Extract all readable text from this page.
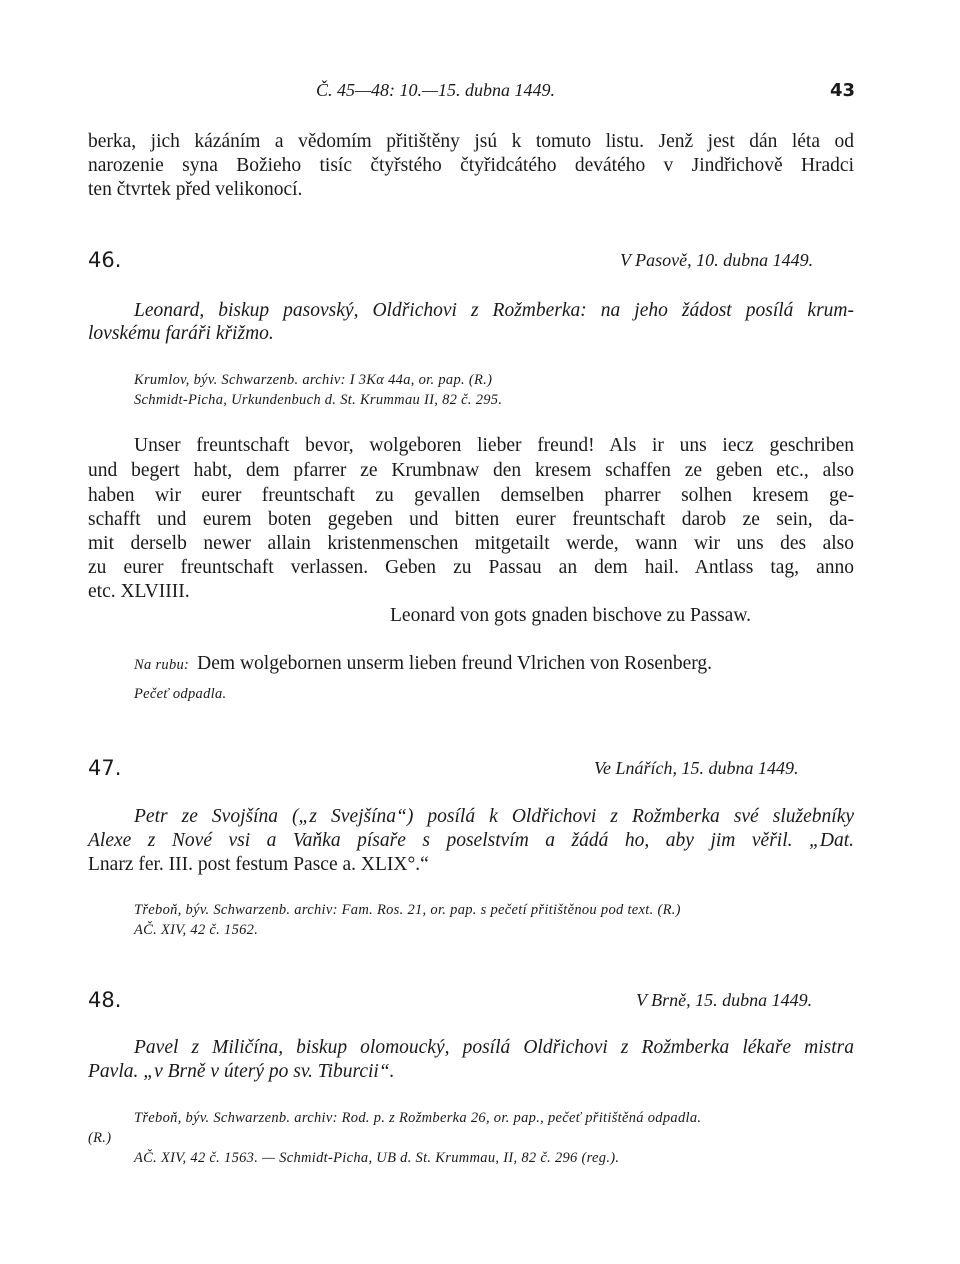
Č. 45—48: 10.—15. dubna 1449.	43

berka, jich kázáním a vědomím přitištěny jsú k tomuto listu. Jenž jest dán léta od

narozenie syna Božieho tisíc čtyřstého čtyřidcátého devátého v Jindřichově Hradci

ten čtvrtek před velikonocí.

46.	V Pasově, 10. dubna 1449.

Leonard, biskup pasovský, Oldřichovi z Rožmberka: na jeho žádost posílá krum-

lovskému faráři křižmo.

Krumlov, býv. Schwarzenb. archiv: I 3Kα 44a, or. pap. (R.)

Schmidt-Picha, Urkundenbuch d. St. Krummau II, 82 č. 295.

Unser freuntschaft bevor, wolgeboren lieber freund! Als ir uns iecz geschriben

und begert habt, dem pfarrer ze Krumbnaw den kresem schaffen ze geben etc., also

haben wir eurer freuntschaft zu gevallen demselben pharrer solhen kresem ge-

schafft und eurem boten gegeben und bitten eurer freuntschaft darob ze sein, da-

mit derselb newer allain kristenmenschen mitgetailt werde, wann wir uns des also

zu eurer freuntschaft verlassen. Geben zu Passau an dem hail. Antlass tag, anno

etc. XLVIIII.

Leonard von gots gnaden bischove zu Passaw.

Na rubu: Dem wolgebornen unserm lieben freund Vlrichen von Rosenberg.

Pečeť odpadla.

47.	Ve Lnářích, 15. dubna 1449.

Petr ze Svojšína („z Svejšína“) posílá k Oldřichovi z Rožmberka své služebníky

Alexe z Nové vsi a Vaňka písaře s poselstvím a žádá ho, aby jim věřil. „Dat.

Lnarz fer. III. post festum Pasce a. XLIX°.“

Třeboň, býv. Schwarzenb. archiv: Fam. Ros. 21, or. pap. s pečetí přitištěnou pod text. (R.)

AČ. XIV, 42 č. 1562.

48.	V Brně, 15. dubna 1449.

Pavel z Miličína, biskup olomoucký, posílá Oldřichovi z Rožmberka lékaře mistra

Pavla. „v Brně v úterý po sv. Tiburcii“.

Třeboň, býv. Schwarzenb. archiv: Rod. p. z Rožmberka 26, or. pap., pečeť přitištěná odpadla.

(R.)

AČ. XIV, 42 č. 1563. — Schmidt-Picha, UB d. St. Krummau, II, 82 č. 296 (reg.).
